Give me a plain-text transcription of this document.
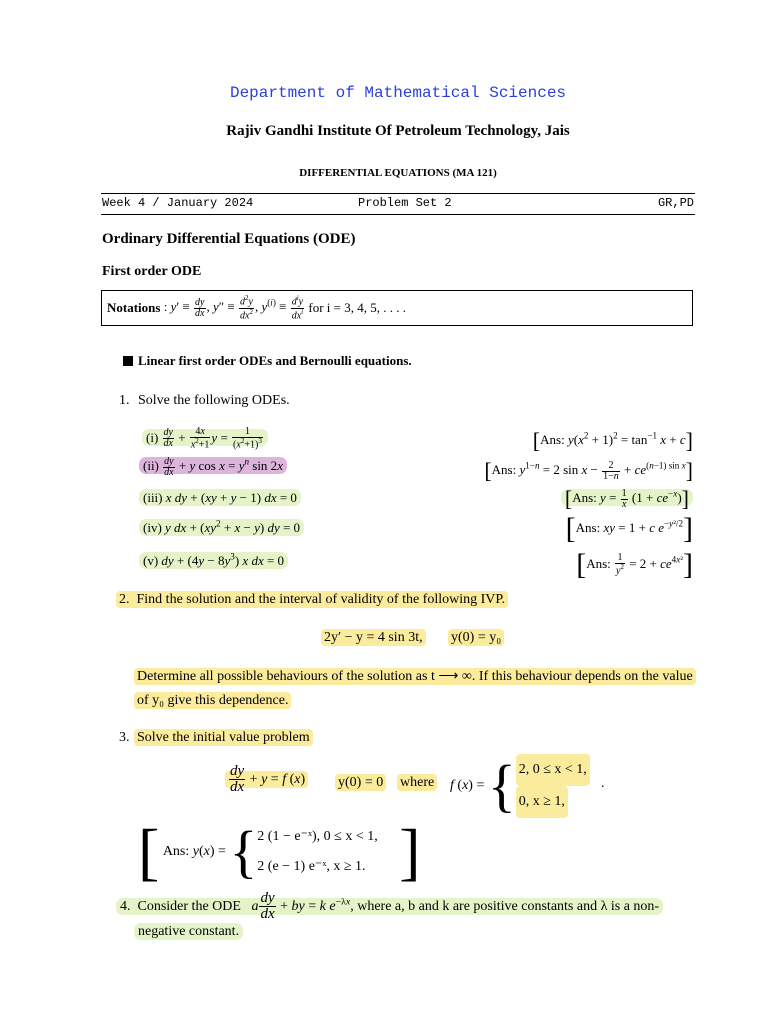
Department of Mathematical Sciences
Rajiv Gandhi Institute Of Petroleum Technology, Jais
DIFFERENTIAL EQUATIONS (MA 121)
Week 4 / January 2024	Problem Set 2	GR,PD
Ordinary Differential Equations (ODE)
First order ODE
Notations : $y' \equiv \frac{dy}{dx}$ , $y'' \equiv \frac{d^2y}{dx^2}$ , $y^{(i)} \equiv \frac{d^iy}{dx^i}$
for i = 3, 4, 5, . . . .
Linear first order ODEs and Bernoulli equations.
1. Solve the following ODEs.
$(i) \frac{dy}{dx} + \frac{4x}{x^2+1}$ $y = \frac{1}{(x^2+1)^3}$	[Ans: $y(x^2 + 1)^2 = \tan^{-1} x + c$]
$(ii) \frac{dy}{dx} + y$ $\cos x = y^n$ sin 2x	[Ans: $y^{1-n} = 2$ $\sin x - \frac{2}{1-n} + ce^{(n-1) sin x}$]
(iii) x dy + (xy + y − 1) dx = 0	[Ans: $y = \frac{1}{x} (1 + ce^{-x})$]
(iv) y dx + $(xy^2 + x - y)$ dy = 0	[Ans: xy = 1 + c $e^{-y^2/2}$]
(v) dy + $(4y - 8y^3)$ x dx = 0	[Ans: $\frac{1}{y^2} = 2 + ce^{4x^2}$]
2. Find the solution and the interval of validity of the following IVP.
2y′ − y = 4 sin 3t, y(0) = y₀
Determine all possible behaviours of the solution as t ⟶ ∞. If this behaviour depends on the value
of y₀ give this dependence.
3. Solve the initial value problem
$\frac{dy}{dx} + y = f$ (x) y(0) = 0 where f (x) = { 2, 0 ≤ x < 1,
0, x ≥ 1,
.
[ Ans: y(x) = { 2 (1 − e⁻ˣ), 0 ≤ x < 1,
2 (e − 1) e⁻ˣ, x ≥ 1. ]
4. Consider the ODE a $\frac{dy}{dx}$ + by = k $e^{-\lambda x}$, where a, b and k are positive constants and λ is a non-
negative constant.
